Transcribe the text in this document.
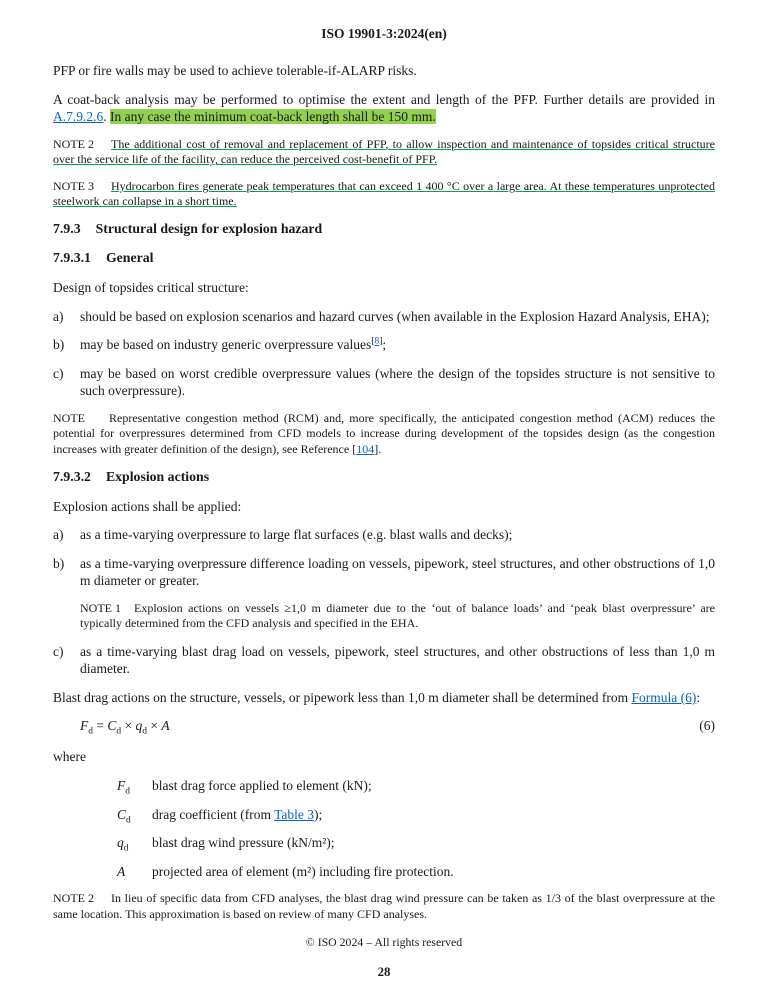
ISO 19901-3:2024(en)

PFP or fire walls may be used to achieve tolerable-if-ALARP risks.

A coat-back analysis may be performed to optimise the extent and length of the PFP. Further details are provided in A.7.9.2.6. In any case the minimum coat-back length shall be 150 mm.

NOTE 2 The additional cost of removal and replacement of PFP, to allow inspection and maintenance of topsides critical structure over the service life of the facility, can reduce the perceived cost-benefit of PFP.

NOTE 3 Hydrocarbon fires generate peak temperatures that can exceed 1 400 °C over a large area. At these temperatures unprotected steelwork can collapse in a short time.

7.9.3 Structural design for explosion hazard
7.9.3.1 General

Design of topsides critical structure:

a) should be based on explosion scenarios and hazard curves (when available in the Explosion Hazard Analysis, EHA);
b) may be based on industry generic overpressure values[8];
c) may be based on worst credible overpressure values (where the design of the topsides structure is not sensitive to such overpressure).

NOTE Representative congestion method (RCM) and, more specifically, the anticipated congestion method (ACM) reduces the potential for overpressures determined from CFD models to increase during development of the topsides design (as the congestion increases with greater definition of the design), see Reference [104].

7.9.3.2 Explosion actions

Explosion actions shall be applied:

a) as a time-varying overpressure to large flat surfaces (e.g. blast walls and decks);
b) as a time-varying overpressure difference loading on vessels, pipework, steel structures, and other obstructions of 1,0 m diameter or greater.

NOTE 1 Explosion actions on vessels ≥1,0 m diameter due to the ‘out of balance loads’ and ‘peak blast overpressure’ are typically determined from the CFD analysis and specified in the EHA.

c) as a time-varying blast drag load on vessels, pipework, steel structures, and other obstructions of less than 1,0 m diameter.

Blast drag actions on the structure, vessels, or pipework less than 1,0 m diameter shall be determined from Formula (6):

$F_d = C_d \times q_d \times A$	(6)

where

$F_d$ blast drag force applied to element (kN);
$C_d$ drag coefficient (from Table 3);
$q_d$ blast drag wind pressure (kN/m²);
A projected area of element (m²) including fire protection.

NOTE 2 In lieu of specific data from CFD analyses, the blast drag wind pressure can be taken as 1/3 of the blast overpressure at the same location. This approximation is based on review of many CFD analyses.

© ISO 2024 – All rights reserved
28
